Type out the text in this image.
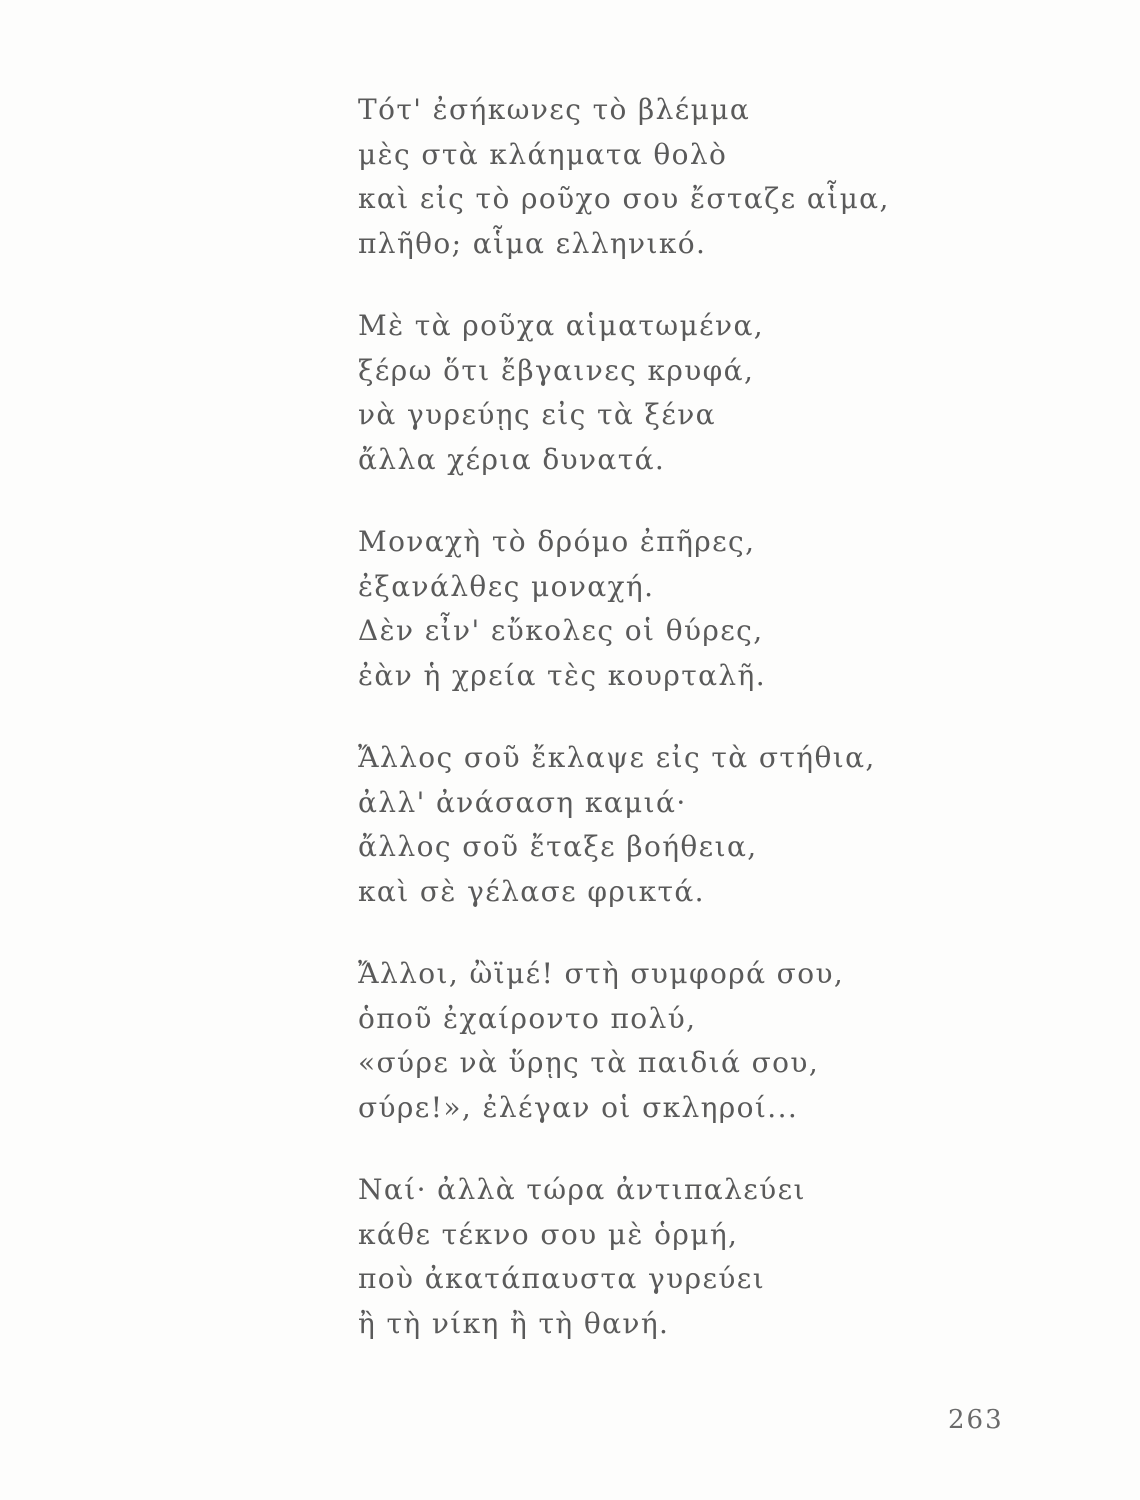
Τότ' ἐσήκωνες τὸ βλέμμα
μὲς στὰ κλάηματα θολὸ
καὶ εἰς τὸ ροῦχο σου ἔσταζε αἷμα,
πλῆθο; αἷμα ελληνικό.
Μὲ τὰ ροῦχα αἱματωμένα,
ξέρω ὅτι ἔβγαινες κρυφά,
νὰ γυρεύῃς εἰς τὰ ξένα
ἄλλα χέρια δυνατά.
Μοναχὴ τὸ δρόμο ἐπῆρες,
ἐξανάλθες μοναχή.
Δὲν εἶν' εὔκολες οἱ θύρες,
ἐὰν ἡ χρεία τὲς κουρταλῆ.
Ἄλλος σοῦ ἔκλαψε εἰς τὰ στήθια,
ἀλλ' ἀνάσαση καμιά·
ἄλλος σοῦ ἔταξε βοήθεια,
καὶ σὲ γέλασε φρικτά.
Ἄλλοι, ὢϊμέ! στὴ συμφορά σου,
ὁποῦ ἐχαίροντο πολύ,
«σύρε νὰ ὕρῃς τὰ παιδιά σου,
σύρε!», ἐλέγαν οἱ σκληροί...
Ναί· ἀλλὰ τώρα ἀντιπαλεύει
κάθε τέκνο σου μὲ ὁρμή,
ποὺ ἀκατάπαυστα γυρεύει
ἢ τὴ νίκη ἢ τὴ θανή.
263
